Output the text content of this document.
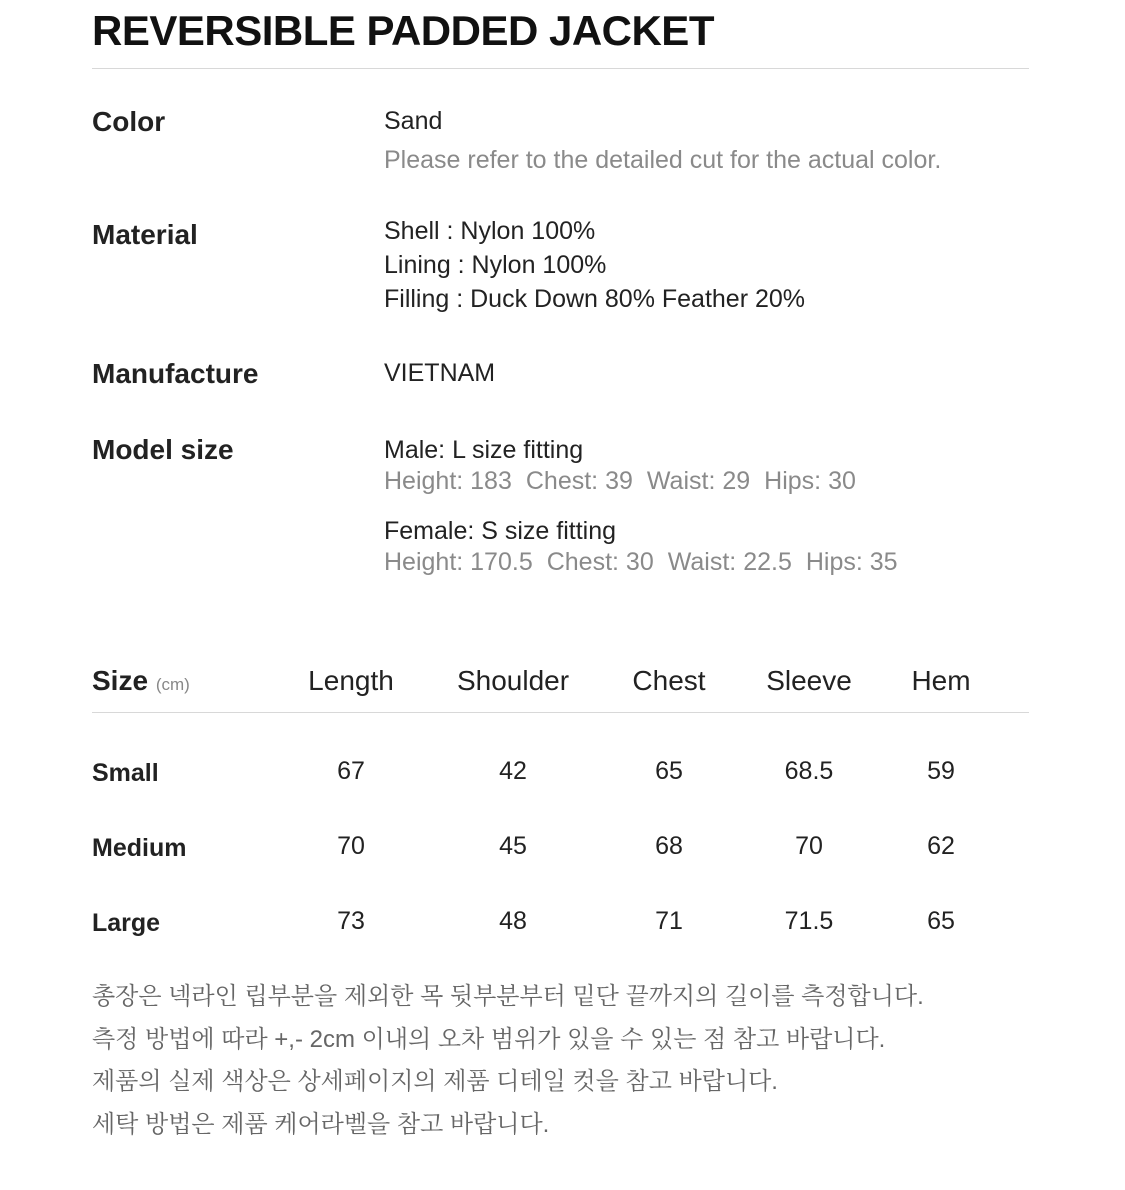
REVERSIBLE PADDED JACKET
Color	Sand
Please refer to the detailed cut for the actual color.
Material	Shell : Nylon 100%
Lining : Nylon 100%
Filling : Duck Down 80% Feather 20%
Manufacture	VIETNAM
Model size	Male: L size fitting
Height: 183 Chest: 39 Waist: 29 Hips: 30
Female: S size fitting
Height: 170.5 Chest: 30 Waist: 22.5 Hips: 35
Size (cm)	Length	Shoulder	Chest	Sleeve	Hem
Small	67	42	65	68.5	59
Medium	70	45	68	70	62
Large	73	48	71	71.5	65
총장은 넥라인 립부분을 제외한 목 뒷부분부터 밑단 끝까지의 길이를 측정합니다.
측정 방법에 따라 +,- 2cm 이내의 오차 범위가 있을 수 있는 점 참고 바랍니다.
제품의 실제 색상은 상세페이지의 제품 디테일 컷을 참고 바랍니다.
세탁 방법은 제품 케어라벨을 참고 바랍니다.
